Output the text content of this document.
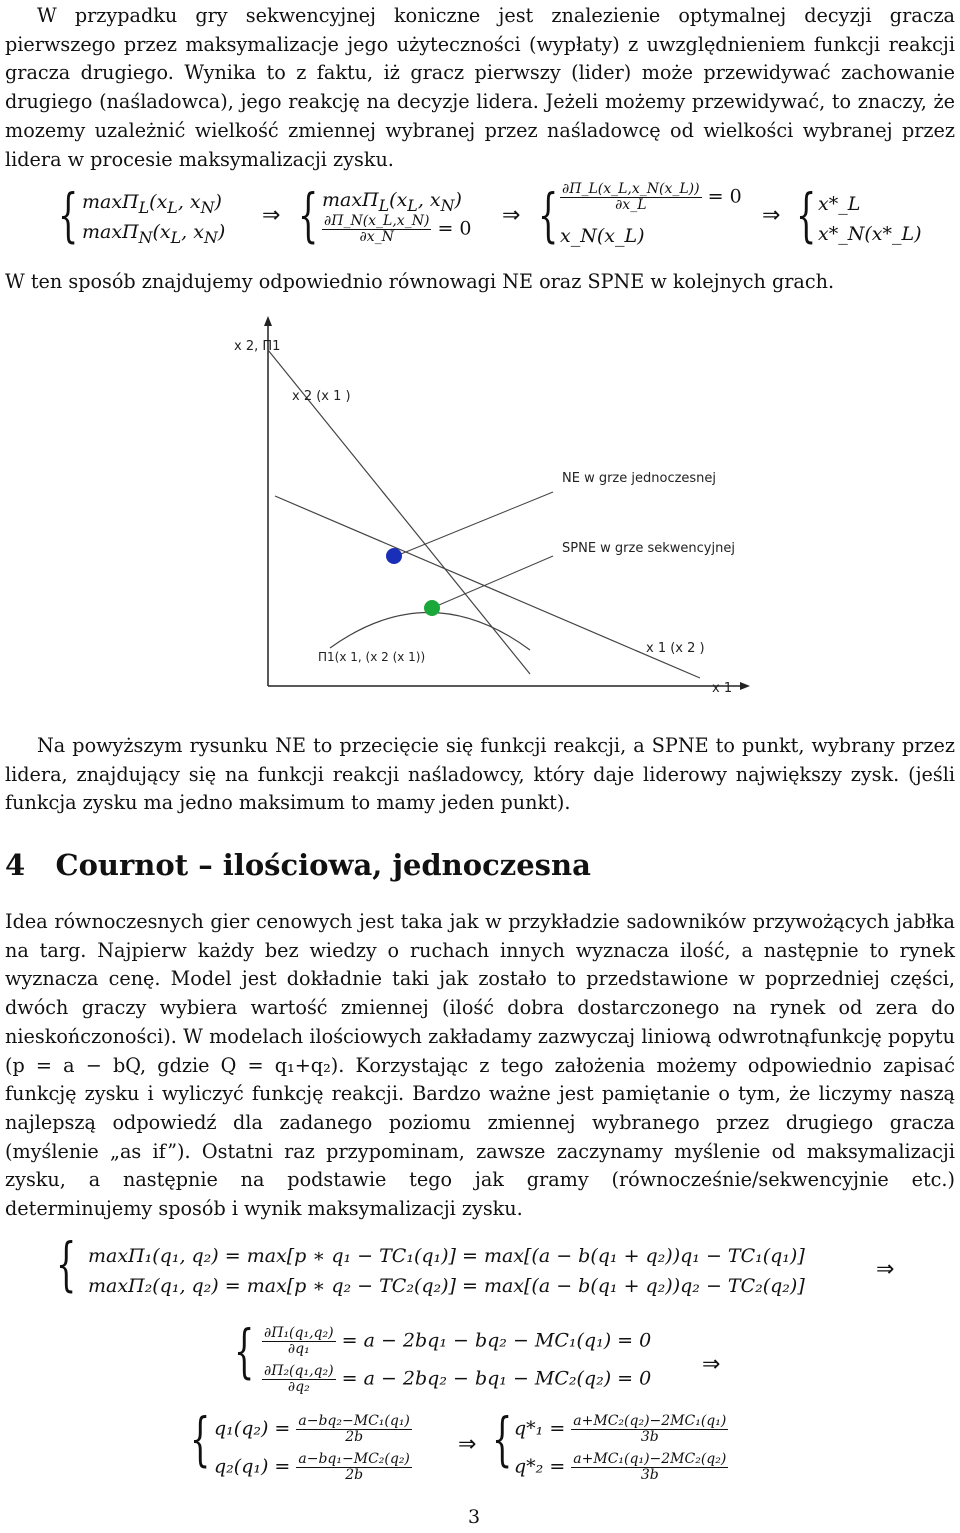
W przypadku gry sekwencyjnej koniczne jest znalezienie optymalnej decyzji gracza pierwszego przez maksymalizacje jego użyteczności (wypłaty) z uwzględnieniem funkcji reakcji gracza drugiego. Wynika to z faktu, iż gracz pierwszy (lider) może przewidywać zachowanie drugiego (naśladowca), jego reakcję na decyzje lidera. Jeżeli możemy przewidywać, to znaczy, że mozemy uzależnić wielkość zmiennej wybranej przez naśladowcę od wielkości wybranej przez lidera w procesie maksymalizacji zysku.
{ $\max\Pi_L(x_L$, $x_N$)
$\max\Pi_N(x_L$, $x_N$)
⇒ { $\max\Pi_L(x_L$, $x_N$)
$\frac{\partial\Pi\_N(x\_L,x\_N)}{\partial x\_N} = 0$
⇒ { $\frac{\partial\Pi\_L(x\_L,x\_N(x\_L))}{\partial x\_L} = 0$
x_N(x_L)
⇒ { x*_L
x*_N(x*_L)
W ten sposób znajdujemy odpowiednio równowagi NE oraz SPNE w kolejnych grach.
x 2, Π1
x 2 (x 1 )
NE w grze jednoczesnej
SPNE w grze sekwencyjnej
Π1(x 1, (x 2 (x 1))
x 1 (x 2 )
x 1
Na powyższym rysunku NE to przecięcie się funkcji reakcji, a SPNE to punkt, wybrany przez lidera, znajdujący się na funkcji reakcji naśladowcy, który daje liderowy największy zysk. (jeśli funkcja zysku ma jedno maksimum to mamy jeden punkt).
4 Cournot – ilościowa, jednoczesna
Idea równoczesnych gier cenowych jest taka jak w przykładzie sadowników przywożących jabłka na targ. Najpierw każdy bez wiedzy o ruchach innych wyznacza ilość, a następnie to rynek wyznacza cenę. Model jest dokładnie taki jak zostało to przedstawione w poprzedniej części, dwóch graczy wybiera wartość zmiennej (ilość dobra dostarczonego na rynek od zera do nieskończoności). W modelach ilościowych zakładamy zazwyczaj liniową odwrotnąfunkcję popytu (p = a − bQ, gdzie Q = q₁+q₂). Korzystając z tego założenia możemy odpowiednio zapisać funkcję zysku i wyliczyć funkcję reakcji. Bardzo ważne jest pamiętanie o tym, że liczymy naszą najlepszą odpowiedź dla zadanego poziomu zmiennej wybranego przez drugiego gracza (myślenie „as if”). Ostatni raz przypominam, zawsze zaczynamy myślenie od maksymalizacji zysku, a następnie na podstawie tego jak gramy (równocześnie/sekwencyjnie etc.) determinujemy sposób i wynik maksymalizacji zysku.
{ maxΠ₁(q₁, q₂) = max[p ∗ q₁ − TC₁(q₁)] = max[(a − b(q₁ + q₂))q₁ − TC₁(q₁)]
maxΠ₂(q₁, q₂) = max[p ∗ q₂ − TC₂(q₂)] = max[(a − b(q₁ + q₂))q₂ − TC₂(q₂)]
⇒
{ $\frac{\text{∂Π₁(q₁,q₂)}}{\text{∂q₁}} = a - 2bq_1 - bq_2 - MC_1(q_1) = 0$
$\frac{\text{∂Π₂(q₁,q₂)}}{\text{∂q₂}} = a - 2bq_2 - bq_1 - MC_2(q_2) = 0$
⇒
{ $q_1(q_2) = \frac{\text{a−bq₂−MC₁(q₁)}}{2b}$
$q_2(q_1) = \frac{\text{a−bq₁−MC₂(q₂)}}{2b}$
⇒ { $q*_1 = \frac{\text{a+MC₂(q₂)−2MC₁(q₁)}}{3b}$
$q*_2 = \frac{\text{a+MC₁(q₁)−2MC₂(q₂)}}{3b}$
3
